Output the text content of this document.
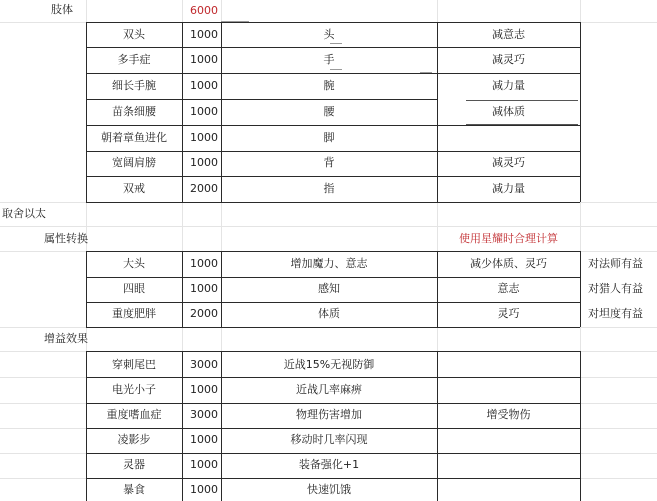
肢体	6000
双头	1000	头	减意志
多手症	1000	手	减灵巧
细长手腕	1000	腕	减力量
苗条细腰	1000	腰	减体质
朝着章鱼进化	1000	脚
宽阔肩膀	1000	背	减灵巧
双戒	2000	指	减力量
取舍以太
属性转换	使用星耀时合理计算
大头	1000	增加魔力、意志	减少体质、灵巧	对法师有益
四眼	1000	感知	意志	对猎人有益
重度肥胖	2000	体质	灵巧	对坦度有益
增益效果
穿刺尾巴	3000	近战15%无视防御
电光小子	1000	近战几率麻痹
重度嗜血症	3000	物理伤害增加	增受物伤
凌影步	1000	移动时几率闪现
灵器	1000	装备强化+1
暴食	1000	快速饥饿
